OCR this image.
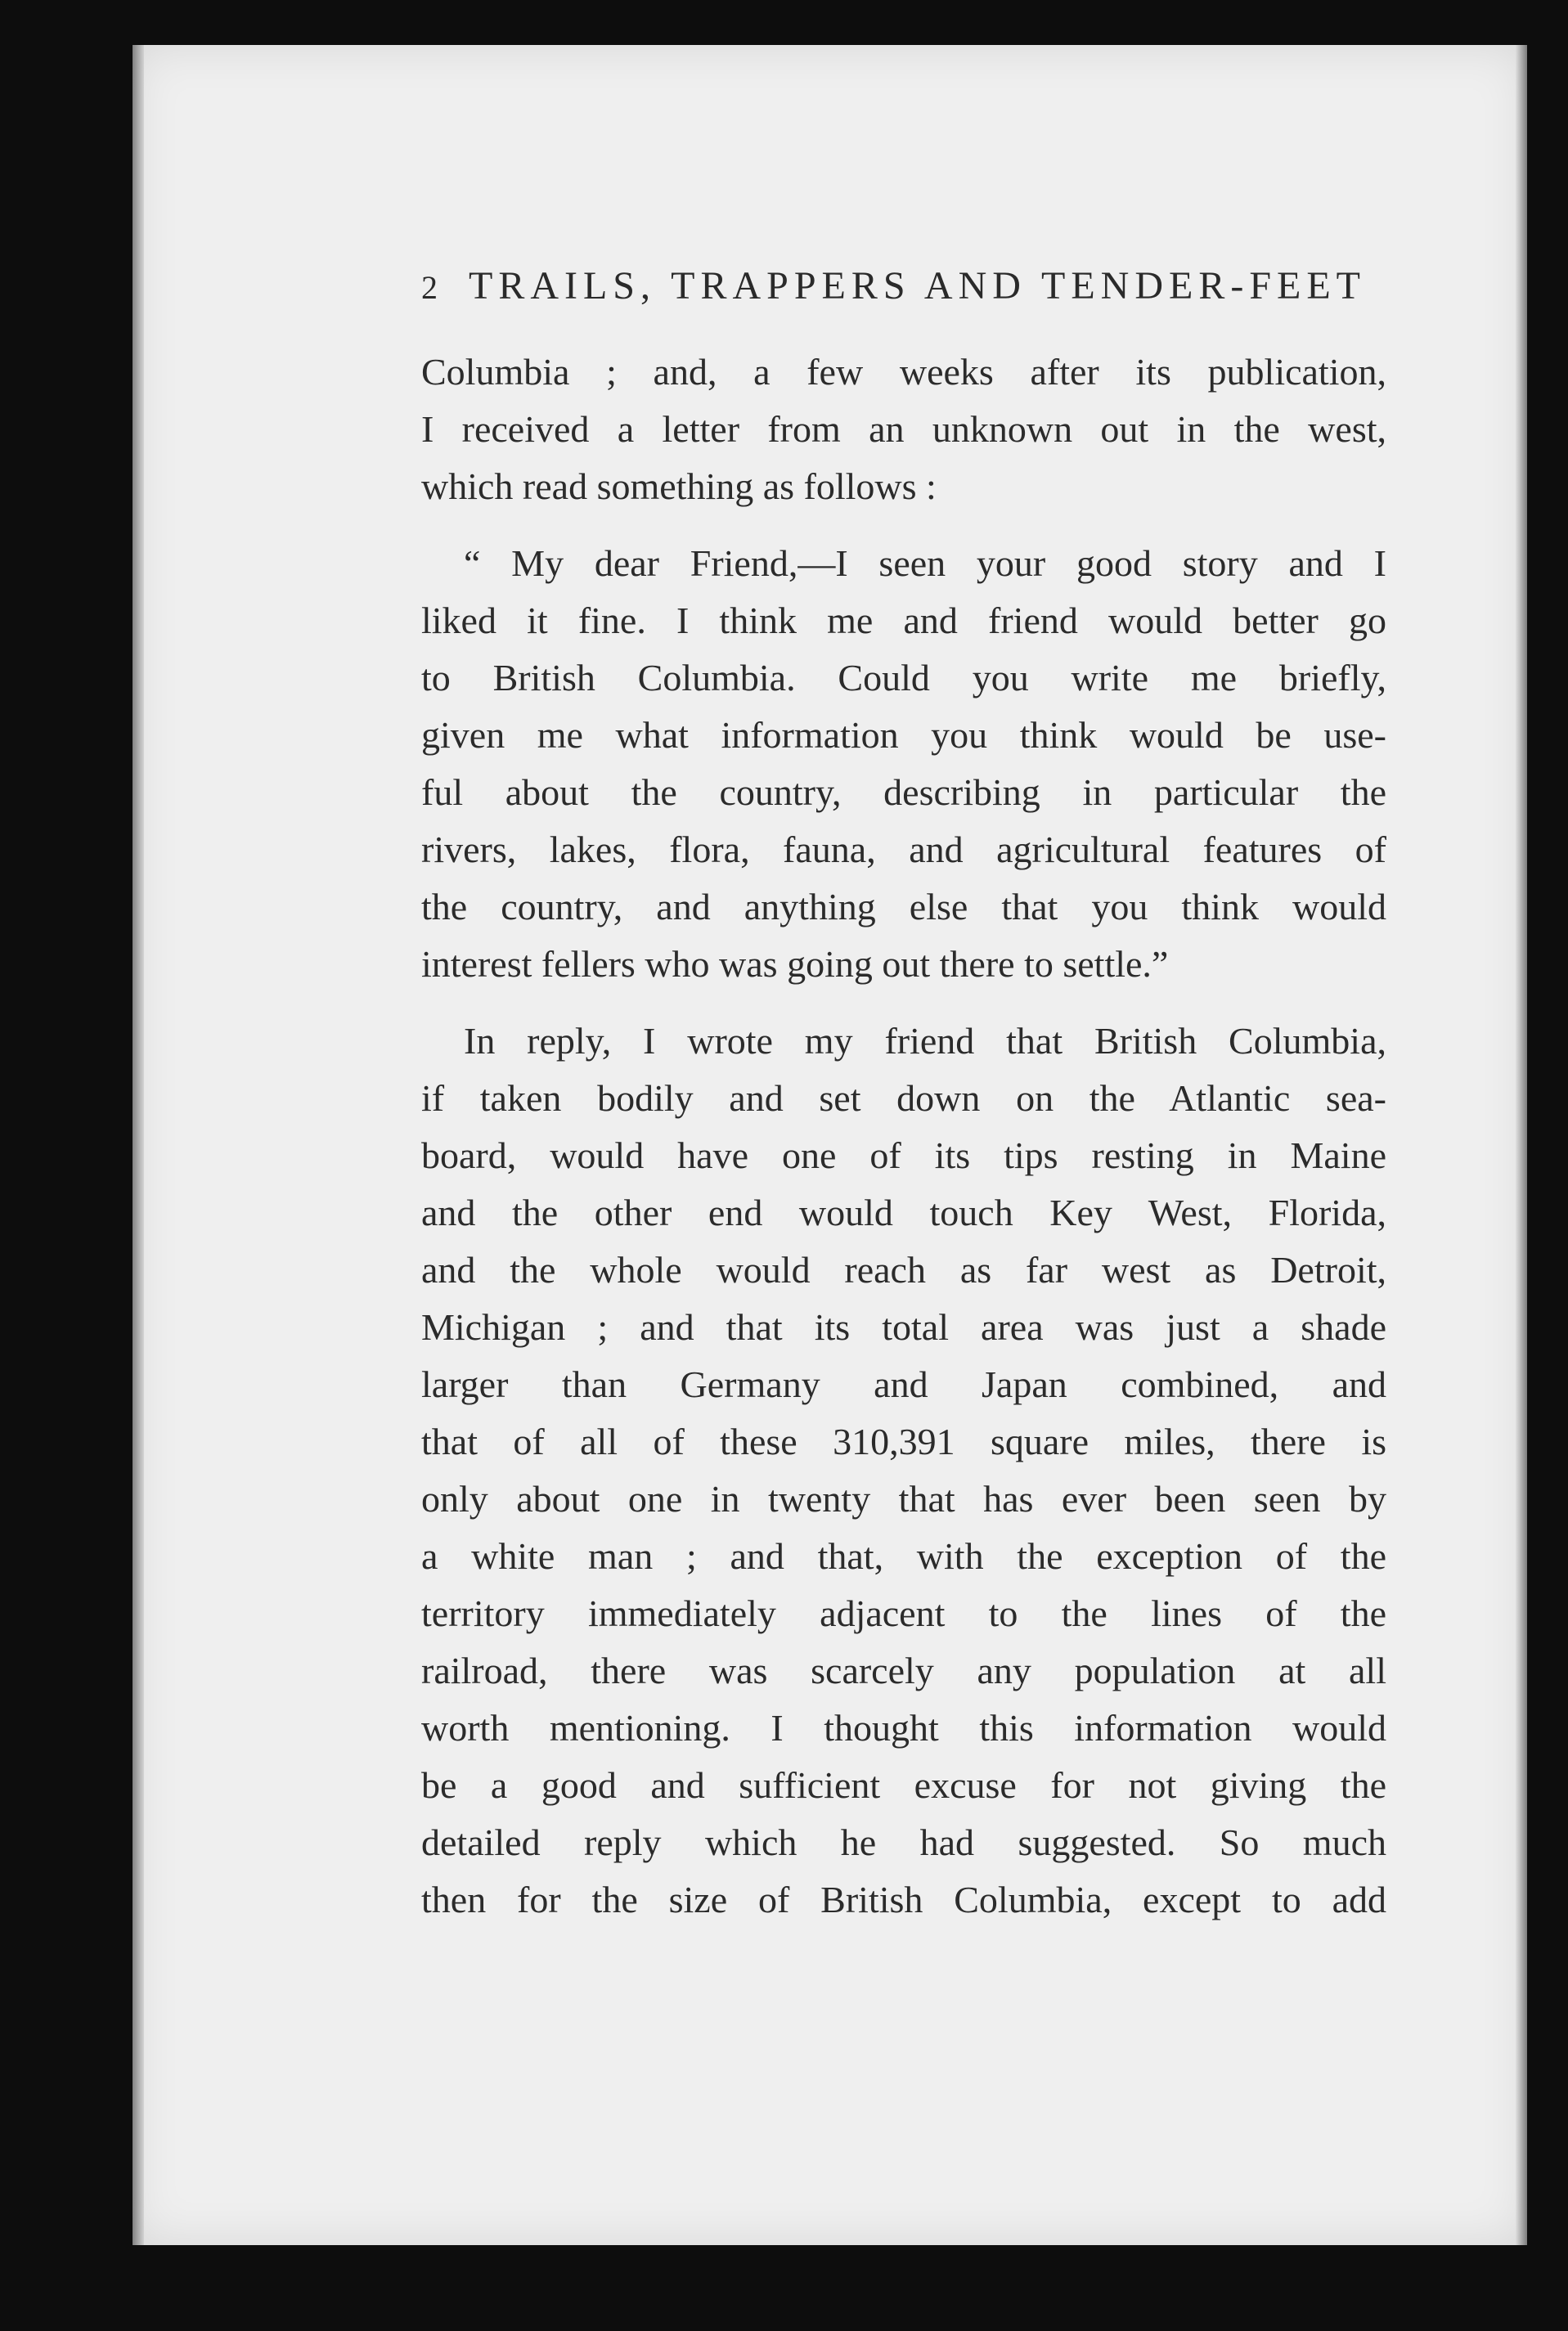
2 TRAILS, TRAPPERS AND TENDER-FEET
Columbia ; and, a few weeks after its publication,
I received a letter from an unknown out in the west,
which read something as follows :
“ My dear Friend,—I seen your good story and I
liked it fine. I think me and friend would better go
to British Columbia. Could you write me briefly,
given me what information you think would be use-
ful about the country, describing in particular the
rivers, lakes, flora, fauna, and agricultural features of
the country, and anything else that you think would
interest fellers who was going out there to settle.”
In reply, I wrote my friend that British Columbia,
if taken bodily and set down on the Atlantic sea-
board, would have one of its tips resting in Maine
and the other end would touch Key West, Florida,
and the whole would reach as far west as Detroit,
Michigan ; and that its total area was just a shade
larger than Germany and Japan combined, and
that of all of these 310,391 square miles, there is
only about one in twenty that has ever been seen by
a white man ; and that, with the exception of the
territory immediately adjacent to the lines of the
railroad, there was scarcely any population at all
worth mentioning. I thought this information would
be a good and sufficient excuse for not giving the
detailed reply which he had suggested. So much
then for the size of British Columbia, except to add
